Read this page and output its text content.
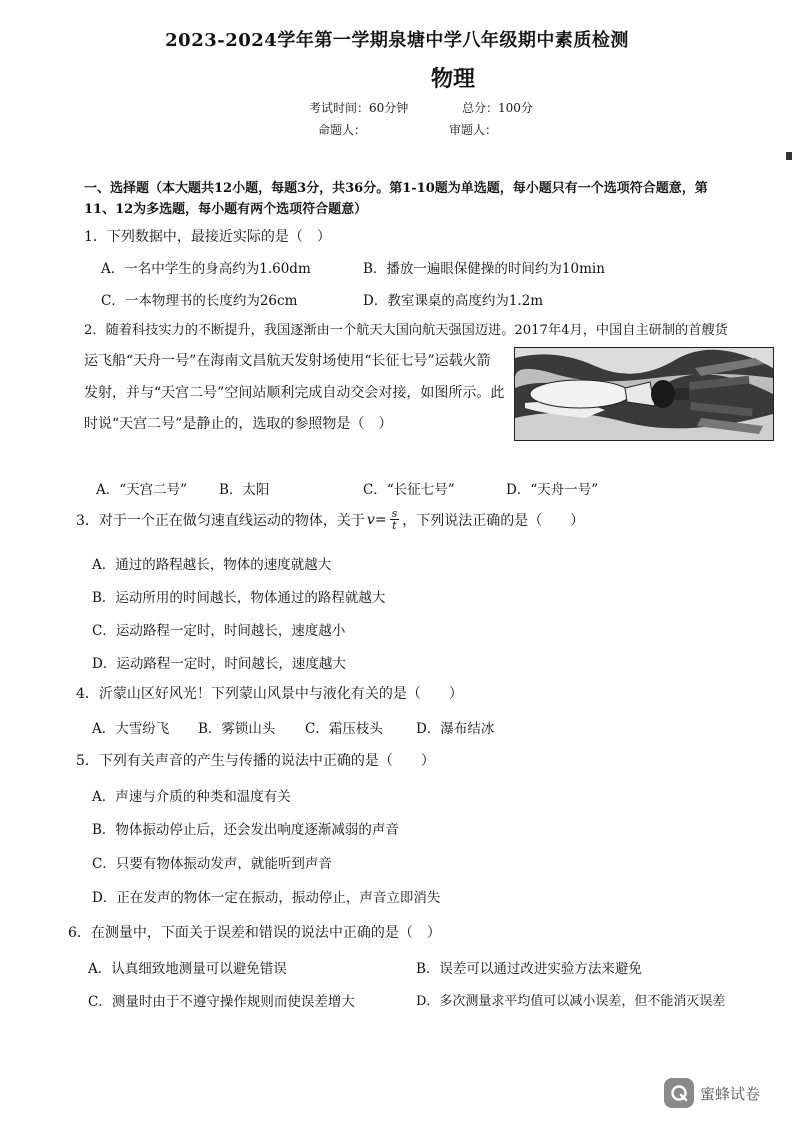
2023-2024学年第一学期泉塘中学八年级期中素质检测
物理
考试时间：60分钟	总分：100分
命题人：	审题人：
一、选择题（本大题共12小题，每题3分，共36分。第1-10题为单选题，每小题只有一个选项符合题意，第
11、12为多选题，每小题有两个选项符合题意）
1．下列数据中，最接近实际的是（　）
A．一名中学生的身高约为1.60dm	B．播放一遍眼保健操的时间约为10min
C．一本物理书的长度约为26cm	D．教室课桌的高度约为1.2m
2．随着科技实力的不断提升，我国逐渐由一个航天大国向航天强国迈进。2017年4月，中国自主研制的首艘货
运飞船“天舟一号”在海南文昌航天发射场使用“长征七号”运载火箭
发射，并与“天宫二号”空间站顺利完成自动交会对接，如图所示。此
时说“天宫二号”是静止的，选取的参照物是（　）
A．“天宫二号” B．太阳	C．“长征七号”	D．“天舟一号”
3．对于一个正在做匀速直线运动的物体，关于 $v = \frac{s}{t}$ ，下列说法正确的是（　　）
A．通过的路程越长，物体的速度就越大
B．运动所用的时间越长，物体通过的路程就越大
C．运动路程一定时，时间越长，速度越小
D．运动路程一定时，时间越长，速度越大
4．沂蒙山区好风光！下列蒙山风景中与液化有关的是（　　）
A．大雪纷飞 B．雾锁山头 C．霜压枝头 D．瀑布结冰
5．下列有关声音的产生与传播的说法中正确的是（　　）
A．声速与介质的种类和温度有关
B．物体振动停止后，还会发出响度逐渐减弱的声音
C．只要有物体振动发声，就能听到声音
D．正在发声的物体一定在振动，振动停止，声音立即消失
6．在测量中，下面关于误差和错误的说法中正确的是（　）
A．认真细致地测量可以避免错误	B．误差可以通过改进实验方法来避免
C．测量时由于不遵守操作规则而使误差增大	D．多次测量求平均值可以减小误差，但不能消灭误差
蜜蜂试卷
